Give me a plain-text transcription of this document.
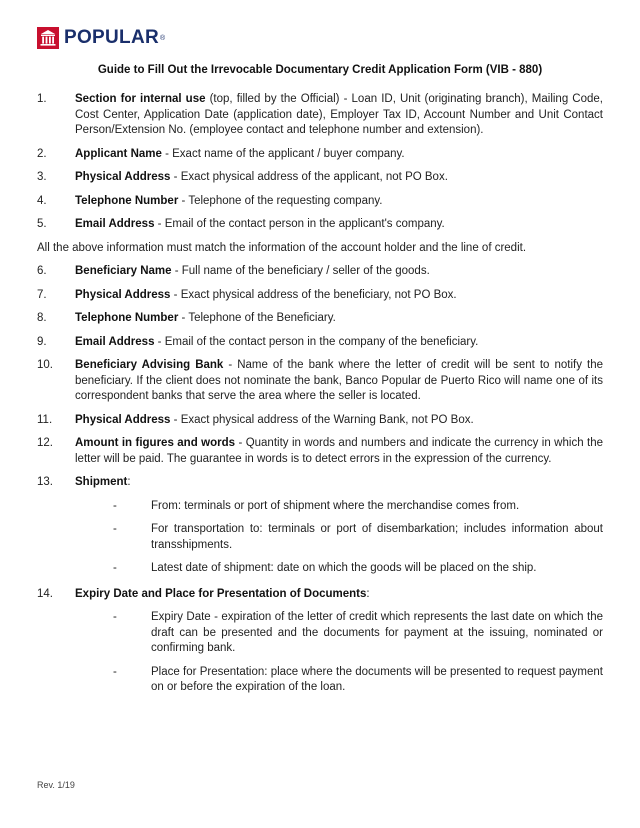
POPULAR ®
Guide to Fill Out the Irrevocable Documentary Credit Application Form (VIB - 880)
1.	Section for internal use (top, filled by the Official) - Loan ID, Unit (originating branch), Mailing Code, Cost Center, Application Date (application date), Employer Tax ID, Account Number and Unit Contact Person/Extension No. (employee contact and telephone number and extension).
2.	Applicant Name - Exact name of the applicant / buyer company.
3.	Physical Address - Exact physical address of the applicant, not PO Box.
4.	Telephone Number - Telephone of the requesting company.
5.	Email Address - Email of the contact person in the applicant's company.
All the above information must match the information of the account holder and the line of credit.
6.	Beneficiary Name - Full name of the beneficiary / seller of the goods.
7.	Physical Address - Exact physical address of the beneficiary, not PO Box.
8.	Telephone Number - Telephone of the Beneficiary.
9.	Email Address - Email of the contact person in the company of the beneficiary.
10.	Beneficiary Advising Bank - Name of the bank where the letter of credit will be sent to notify the beneficiary. If the client does not nominate the bank, Banco Popular de Puerto Rico will name one of its correspondent banks that serve the area where the seller is located.
11.	Physical Address - Exact physical address of the Warning Bank, not PO Box.
12.	Amount in figures and words - Quantity in words and numbers and indicate the currency in which the letter will be paid. The guarantee in words is to detect errors in the expression of the currency.
13.	Shipment:
-	From: terminals or port of shipment where the merchandise comes from.
-	For transportation to: terminals or port of disembarkation; includes information about transshipments.
-	Latest date of shipment: date on which the goods will be placed on the ship.
14.	Expiry Date and Place for Presentation of Documents:
-	Expiry Date - expiration of the letter of credit which represents the last date on which the draft can be presented and the documents for payment at the issuing, nominated or confirming bank.
-	Place for Presentation: place where the documents will be presented to request payment on or before the expiration of the loan.
Rev. 1/19
